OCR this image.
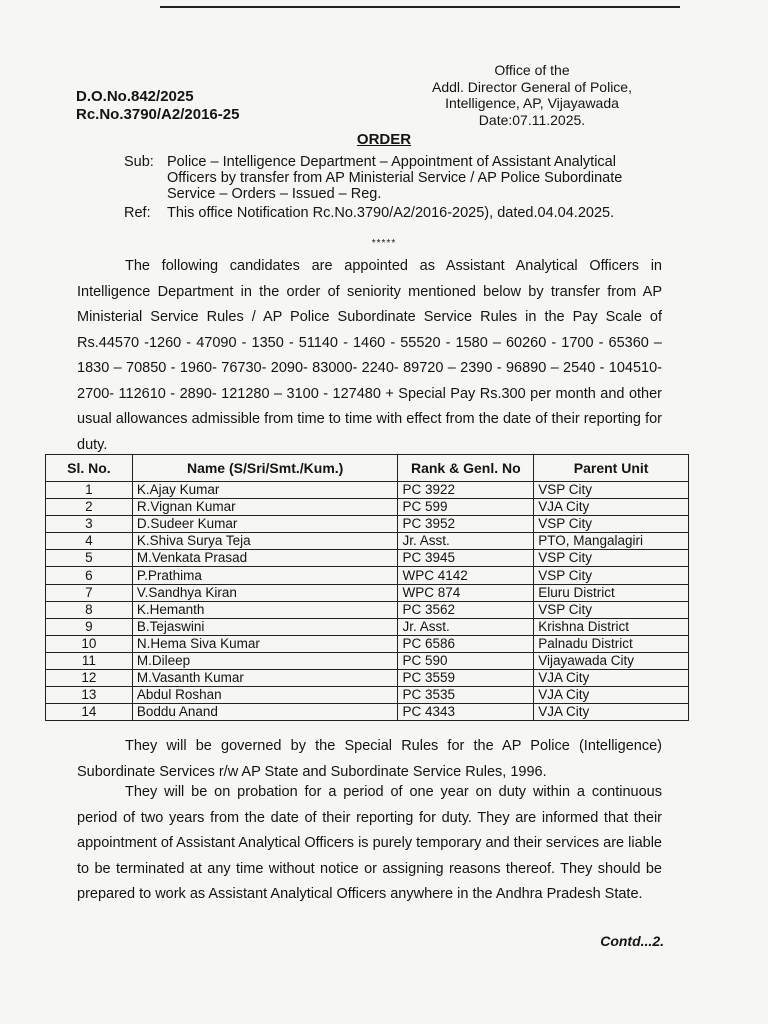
D.O.No.842/2025
Rc.No.3790/A2/2016-25
Office of the
Addl. Director General of Police,
Intelligence, AP, Vijayawada
Date:07.11.2025.
ORDER
Sub: Police – Intelligence Department – Appointment of Assistant Analytical Officers by transfer from AP Ministerial Service / AP Police Subordinate Service – Orders – Issued – Reg.
Ref: This office Notification Rc.No.3790/A2/2016-2025), dated.04.04.2025.
*****
The following candidates are appointed as Assistant Analytical Officers in Intelligence Department in the order of seniority mentioned below by transfer from AP Ministerial Service Rules / AP Police Subordinate Service Rules in the Pay Scale of Rs.44570 -1260 - 47090 - 1350 - 51140 - 1460 - 55520 - 1580 – 60260 - 1700 - 65360 – 1830 – 70850 - 1960- 76730- 2090- 83000- 2240- 89720 – 2390 - 96890 – 2540 - 104510- 2700- 112610 - 2890- 121280 – 3100 - 127480 + Special Pay Rs.300 per month and other usual allowances admissible from time to time with effect from the date of their reporting for duty.
Sl. No.	Name (S/Sri/Smt./Kum.)	Rank & Genl. No	Parent Unit
1	K.Ajay Kumar	PC 3922	VSP City
2	R.Vignan Kumar	PC 599	VJA City
3	D.Sudeer Kumar	PC 3952	VSP City
4	K.Shiva Surya Teja	Jr. Asst.	PTO, Mangalagiri
5	M.Venkata Prasad	PC 3945	VSP City
6	P.Prathima	WPC 4142	VSP City
7	V.Sandhya Kiran	WPC 874	Eluru District
8	K.Hemanth	PC 3562	VSP City
9	B.Tejaswini	Jr. Asst.	Krishna District
10	N.Hema Siva Kumar	PC 6586	Palnadu District
11	M.Dileep	PC 590	Vijayawada City
12	M.Vasanth Kumar	PC 3559	VJA City
13	Abdul Roshan	PC 3535	VJA City
14	Boddu Anand	PC 4343	VJA City
They will be governed by the Special Rules for the AP Police (Intelligence) Subordinate Services r/w AP State and Subordinate Service Rules, 1996.
They will be on probation for a period of one year on duty within a continuous period of two years from the date of their reporting for duty. They are informed that their appointment of Assistant Analytical Officers is purely temporary and their services are liable to be terminated at any time without notice or assigning reasons thereof. They should be prepared to work as Assistant Analytical Officers anywhere in the Andhra Pradesh State.
Contd...2.
